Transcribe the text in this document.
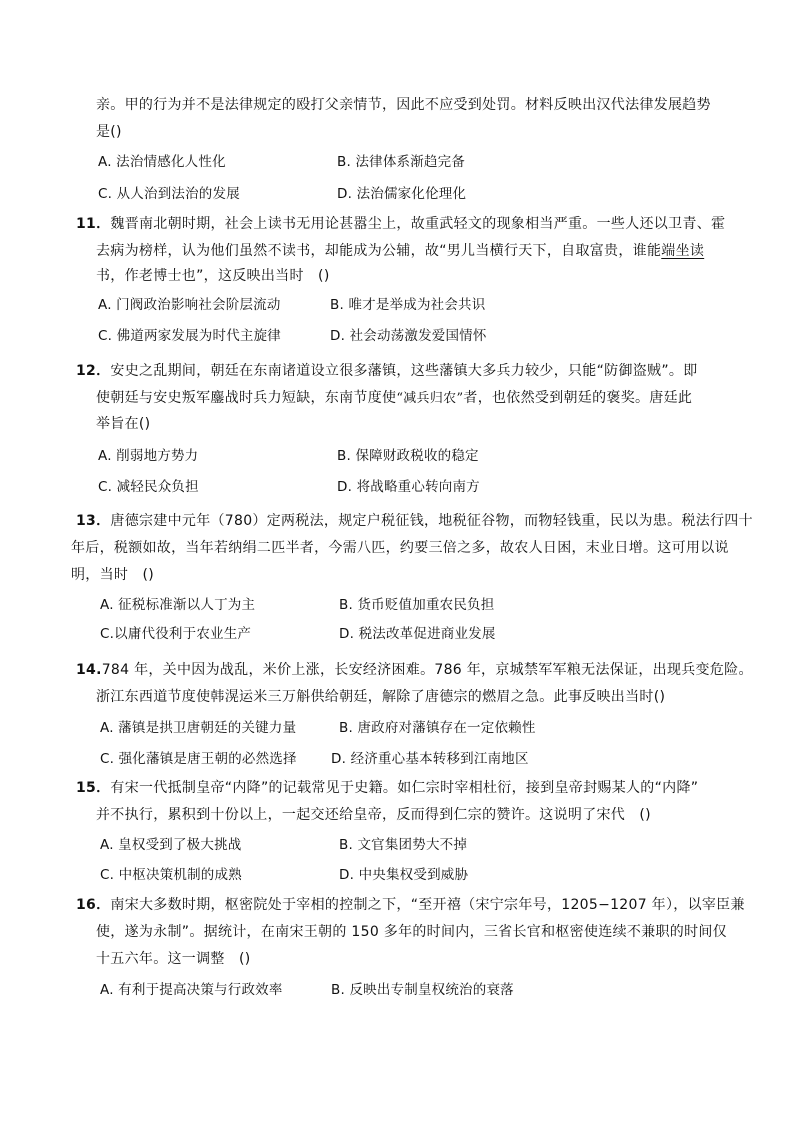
亲。甲的行为并不是法律规定的殴打父亲情节，因此不应受到处罚。材料反映出汉代法律发展趋势
是()
A. 法治情感化人性化	B. 法律体系渐趋完备
C. 从人治到法治的发展	D. 法治儒家化伦理化
11．魏晋南北朝时期，社会上读书无用论甚嚣尘上，故重武轻文的现象相当严重。一些人还以卫青、霍
去病为榜样，认为他们虽然不读书，却能成为公辅，故“男儿当横行天下，自取富贵，谁能端坐读
书，作老博士也”，这反映出当时　()
A. 门阀政治影响社会阶层流动	B. 唯才是举成为社会共识
C. 佛道两家发展为时代主旋律	D. 社会动荡激发爱国情怀
12．安史之乱期间，朝廷在东南诸道设立很多藩镇，这些藩镇大多兵力较少，只能“防御盗贼”。即
使朝廷与安史叛军鏖战时兵力短缺，东南节度使“减兵归农”者，也依然受到朝廷的褒奖。唐廷此
举旨在()
A. 削弱地方势力	B. 保障财政税收的稳定
C. 减轻民众负担	D. 将战略重心转向南方
13．唐德宗建中元年（780）定两税法，规定户税征钱，地税征谷物，而物轻钱重，民以为患。税法行四十
年后，税额如故，当年若纳绢二匹半者，今需八匹，约要三倍之多，故农人日困，末业日增。这可用以说
明，当时　()
A. 征税标准渐以人丁为主	B. 货币贬值加重农民负担
C.以庸代役利于农业生产	D. 税法改革促进商业发展
14.784 年，关中因为战乱，米价上涨，长安经济困难。786 年，京城禁军军粮无法保证，出现兵变危险。
浙江东西道节度使韩滉运米三万斛供给朝廷，解除了唐德宗的燃眉之急。此事反映出当时()
A. 藩镇是拱卫唐朝廷的关键力量	B. 唐政府对藩镇存在一定依赖性
C. 强化藩镇是唐王朝的必然选择	D. 经济重心基本转移到江南地区
15．有宋一代抵制皇帝“内降”的记载常见于史籍。如仁宗时宰相杜衍，接到皇帝封赐某人的“内降”
并不执行，累积到十份以上，一起交还给皇帝，反而得到仁宗的赞许。这说明了宋代　()
A. 皇权受到了极大挑战	B. 文官集团势大不掉
C. 中枢决策机制的成熟	D. 中央集权受到威胁
16．南宋大多数时期，枢密院处于宰相的控制之下，“至开禧（宋宁宗年号，1205−1207 年），以宰臣兼
使，遂为永制”。据统计，在南宋王朝的 150 多年的时间内，三省长官和枢密使连续不兼职的时间仅
十五六年。这一调整　()
A. 有利于提高决策与行政效率	B. 反映出专制皇权统治的衰落
